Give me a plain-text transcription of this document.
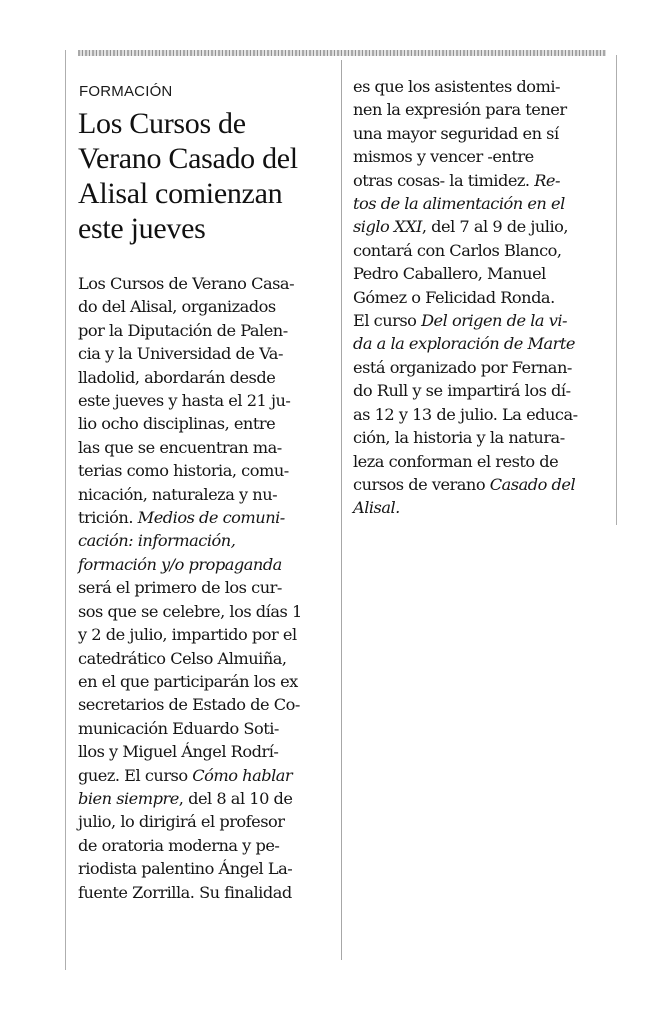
FORMACIÓN
Los Cursos de
Verano Casado del
Alisal comienzan
este jueves
Los Cursos de Verano Casa-
do del Alisal, organizados
por la Diputación de Palen-
cia y la Universidad de Va-
lladolid, abordarán desde
este jueves y hasta el 21 ju-
lio ocho disciplinas, entre
las que se encuentran ma-
terias como historia, comu-
nicación, naturaleza y nu-
trición. Medios de comuni-
cación: información,
formación y/o propaganda
será el primero de los cur-
sos que se celebre, los días 1
y 2 de julio, impartido por el
catedrático Celso Almuiña,
en el que participarán los ex
secretarios de Estado de Co-
municación Eduardo Soti-
llos y Miguel Ángel Rodrí-
guez. El curso Cómo hablar
bien siempre, del 8 al 10 de
julio, lo dirigirá el profesor
de oratoria moderna y pe-
riodista palentino Ángel La-
fuente Zorrilla. Su finalidad
es que los asistentes domi-
nen la expresión para tener
una mayor seguridad en sí
mismos y vencer -entre
otras cosas- la timidez. Re-
tos de la alimentación en el
siglo XXI, del 7 al 9 de julio,
contará con Carlos Blanco,
Pedro Caballero, Manuel
Gómez o Felicidad Ronda.
El curso Del origen de la vi-
da a la exploración de Marte
está organizado por Fernan-
do Rull y se impartirá los dí-
as 12 y 13 de julio. La educa-
ción, la historia y la natura-
leza conforman el resto de
cursos de verano Casado del
Alisal.
